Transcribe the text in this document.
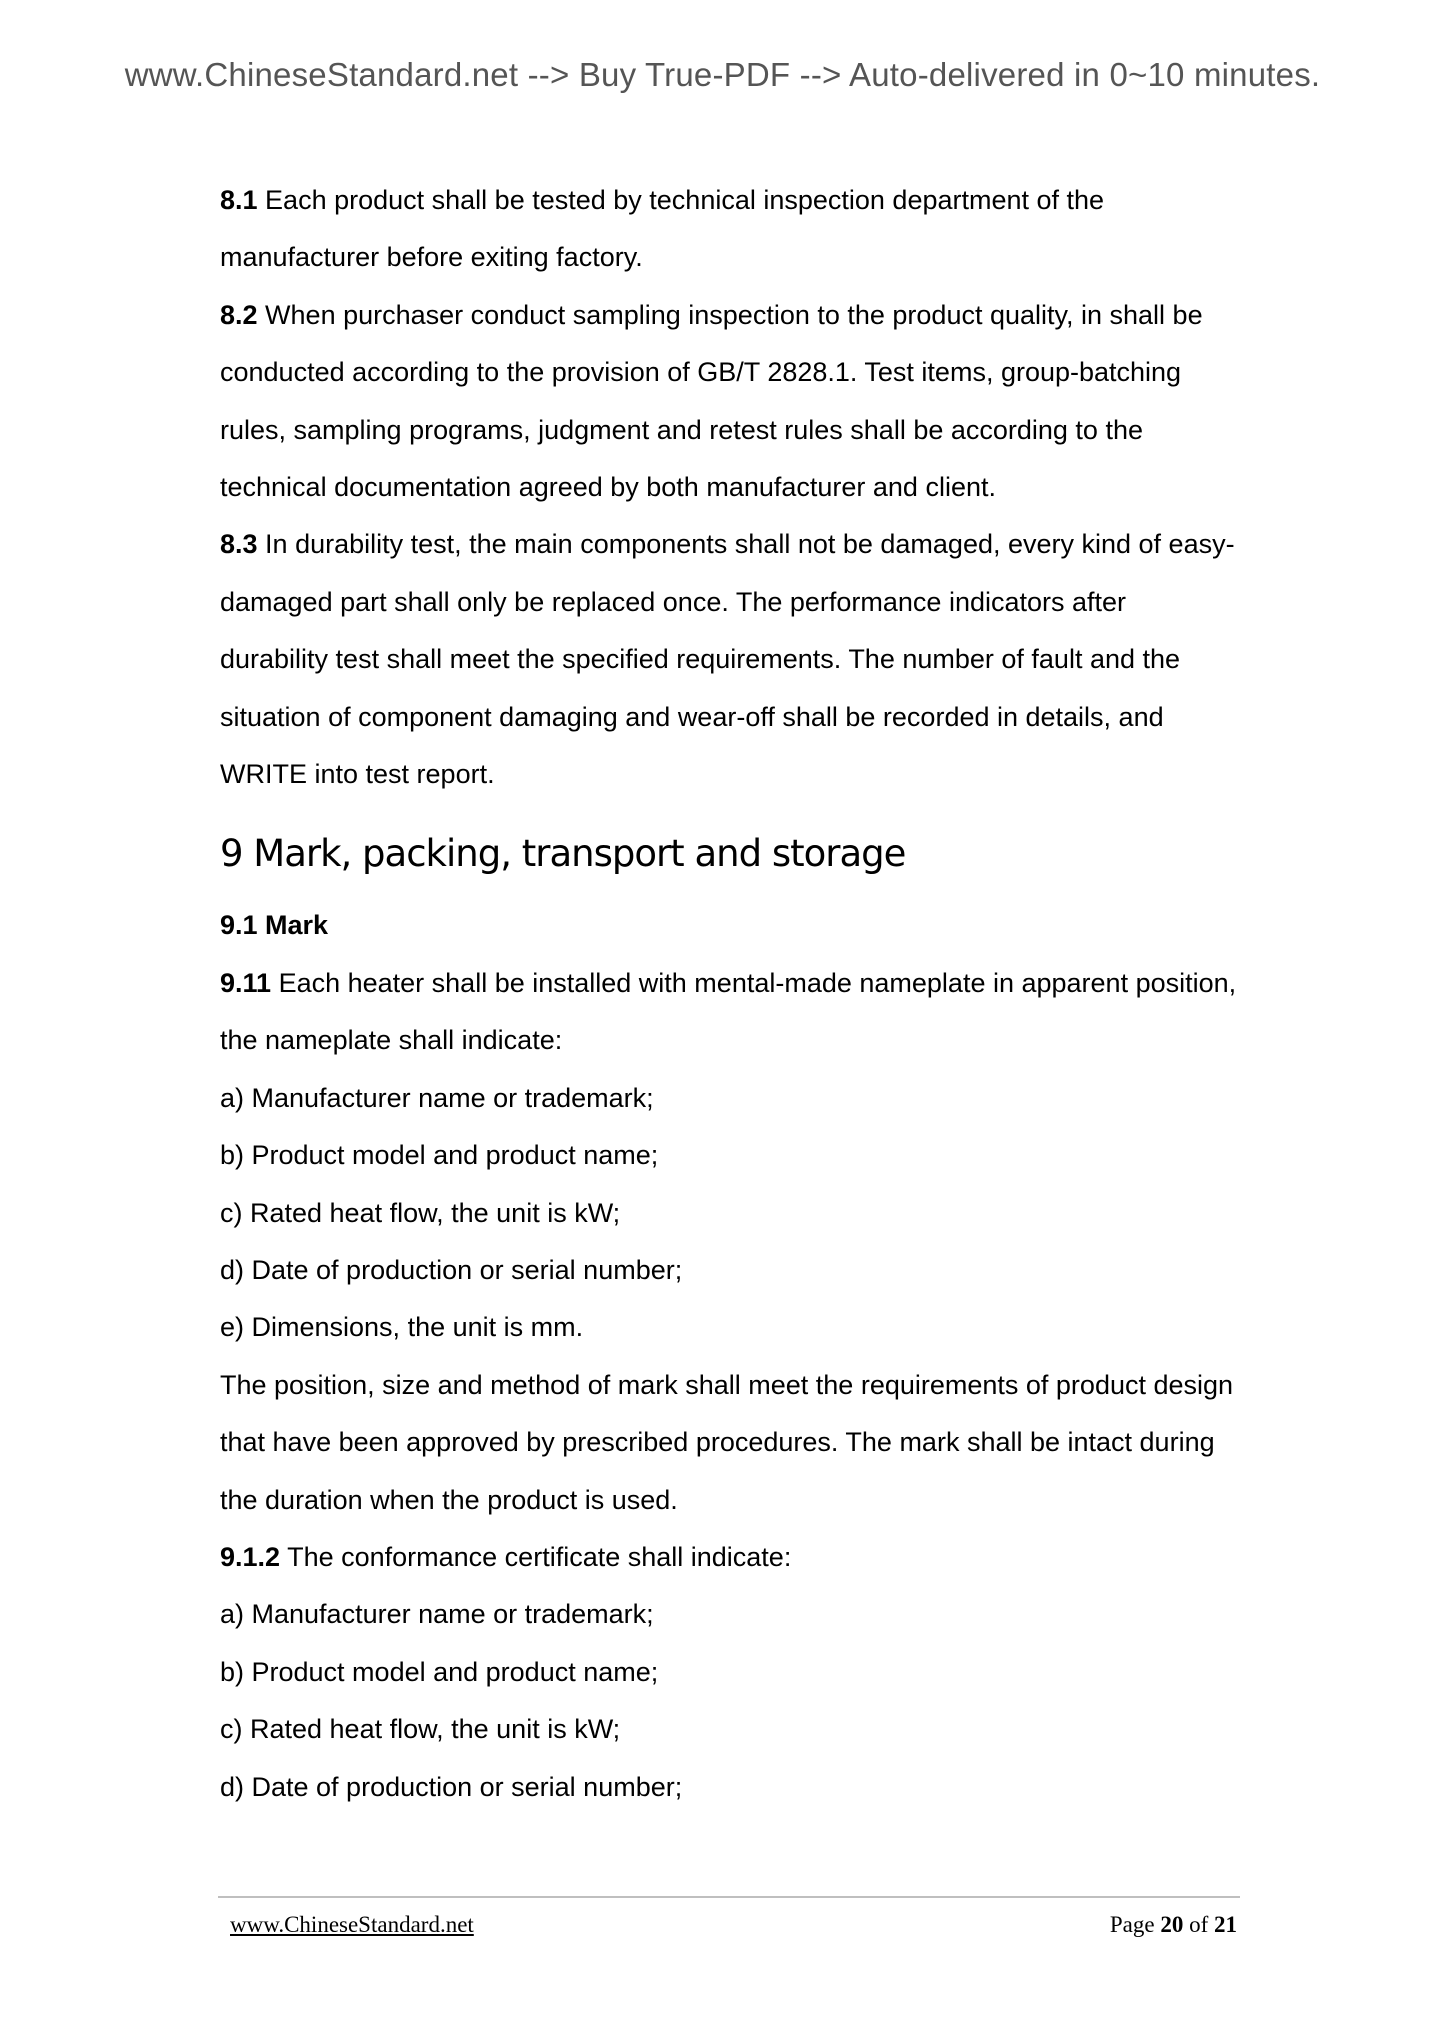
www.ChineseStandard.net --> Buy True-PDF --> Auto-delivered in 0~10 minutes.

8.1 Each product shall be tested by technical inspection department of the manufacturer before exiting factory.

8.2 When purchaser conduct sampling inspection to the product quality, in shall be conducted according to the provision of GB/T 2828.1. Test items, group-batching rules, sampling programs, judgment and retest rules shall be according to the technical documentation agreed by both manufacturer and client.

8.3 In durability test, the main components shall not be damaged, every kind of easy-damaged part shall only be replaced once. The performance indicators after durability test shall meet the specified requirements. The number of fault and the situation of component damaging and wear-off shall be recorded in details, and WRITE into test report.

9 Mark, packing, transport and storage

9.1 Mark

9.11 Each heater shall be installed with mental-made nameplate in apparent position, the nameplate shall indicate:

a) Manufacturer name or trademark;

b) Product model and product name;

c) Rated heat flow, the unit is kW;

d) Date of production or serial number;

e) Dimensions, the unit is mm.

The position, size and method of mark shall meet the requirements of product design that have been approved by prescribed procedures. The mark shall be intact during the duration when the product is used.

9.1.2 The conformance certificate shall indicate:

a) Manufacturer name or trademark;

b) Product model and product name;

c) Rated heat flow, the unit is kW;

d) Date of production or serial number;

www.ChineseStandard.net	Page 20 of 21
